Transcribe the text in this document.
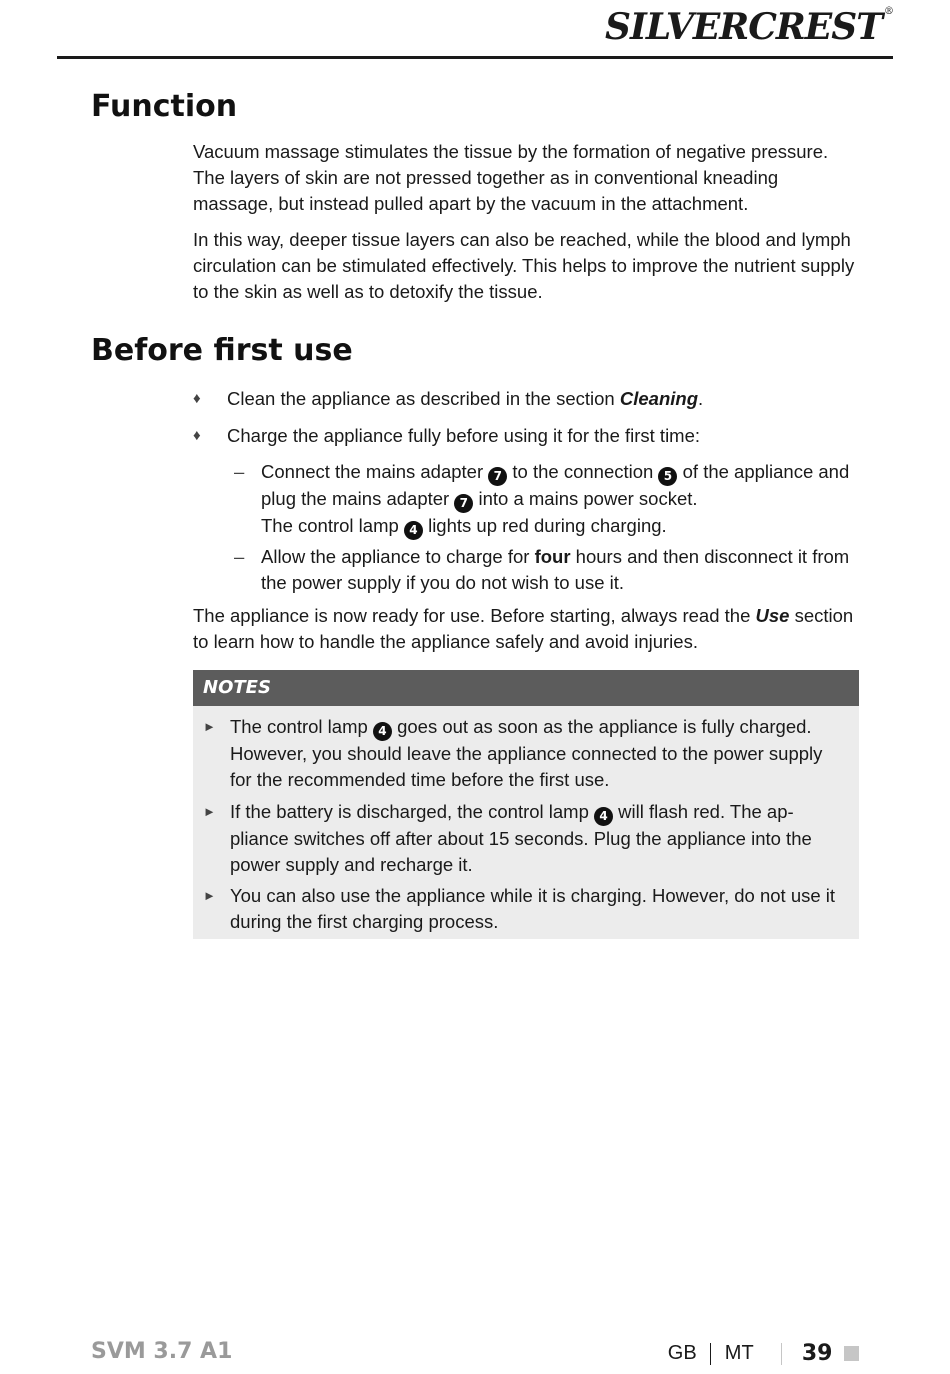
SILVERCREST ®
Function

Vacuum massage stimulates the tissue by the formation of negative pressure. The layers of skin are not pressed together as in conventional kneading massage, but instead pulled apart by the vacuum in the attachment.

In this way, deeper tissue layers can also be reached, while the blood and lymph circulation can be stimulated effectively. This helps to improve the nutrient supply to the skin as well as to detoxify the tissue.

Before first use
♦ Clean the appliance as described in the section Cleaning.
♦ Charge the appliance fully before using it for the first time:
– Connect the mains adapter 7 to the connection 5 of the appliance and plug the mains adapter 7 into a mains power socket.
The control lamp 4 lights up red during charging.
– Allow the appliance to charge for four hours and then disconnect it from the power supply if you do not wish to use it.

The appliance is now ready for use. Before starting, always read the Use section to learn how to handle the appliance safely and avoid injuries.

NOTES
► The control lamp 4 goes out as soon as the appliance is fully charged. However, you should leave the appliance connected to the power supply for the recommended time before the first use.
► If the battery is discharged, the control lamp 4 will flash red. The ap- pliance switches off after about 15 seconds. Plug the appliance into the power supply and recharge it.
► You can also use the appliance while it is charging. However, do not use it during the first charging process.
SVM 3.7 A1	GB MT 39
